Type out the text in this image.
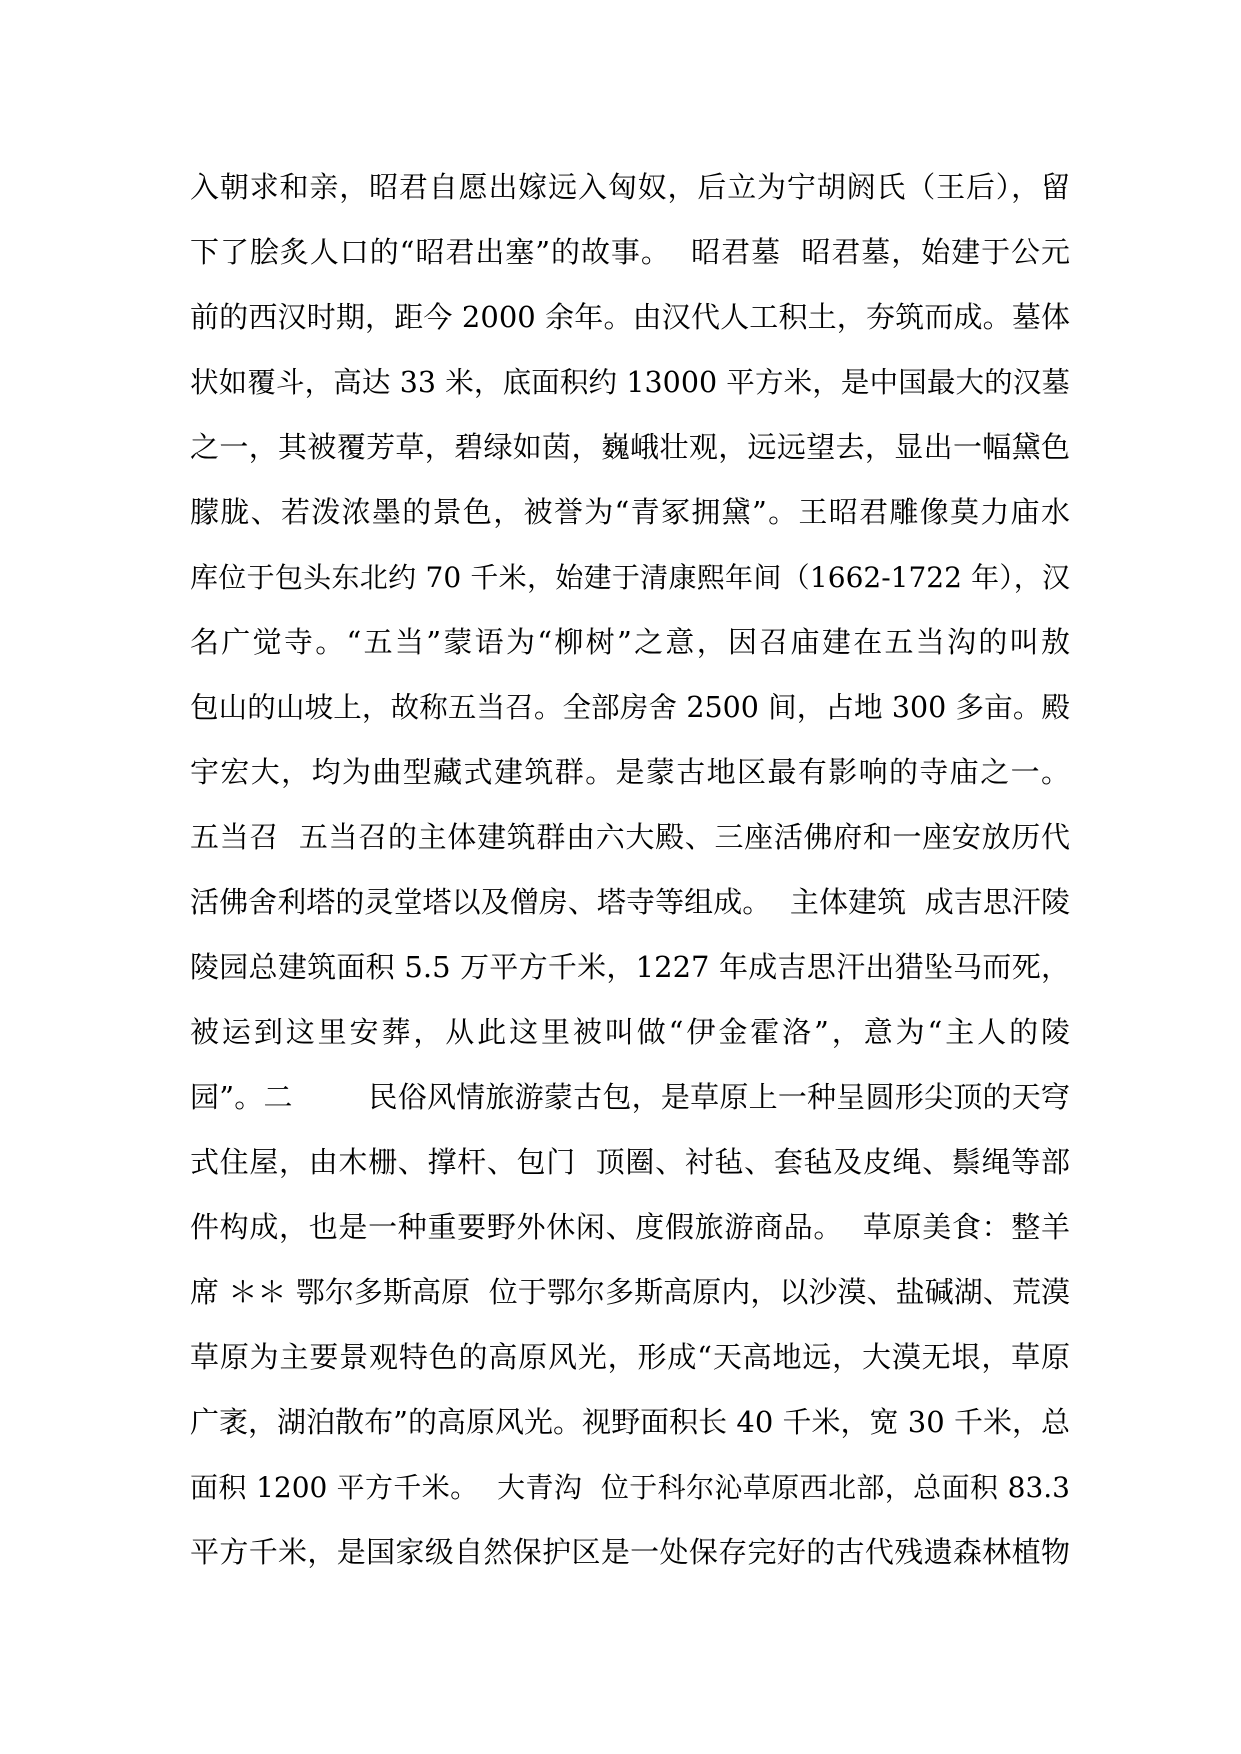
入朝求和亲，昭君自愿出嫁远入匈奴，后立为宁胡阏氏（王后），留
下了脍炙人口的“昭君出塞”的故事。  昭君墓  昭君墓，始建于公元
前的西汉时期，距今 2000 余年。由汉代人工积土，夯筑而成。墓体
状如覆斗，高达 33 米，底面积约 13000 平方米，是中国最大的汉墓
之一，其被覆芳草，碧绿如茵，巍峨壮观，远远望去，显出一幅黛色
朦胧、若泼浓墨的景色，被誉为“青冢拥黛”。王昭君雕像莫力庙水
库位于包头东北约 70 千米，始建于清康熙年间（1662-1722 年），汉
名广觉寺。“五当”蒙语为“柳树”之意，因召庙建在五当沟的叫敖
包山的山坡上，故称五当召。全部房舍 2500 间，占地 300 多亩。殿
宇宏大，均为曲型藏式建筑群。是蒙古地区最有影响的寺庙之一。
五当召  五当召的主体建筑群由六大殿、三座活佛府和一座安放历代
活佛舍利塔的灵堂塔以及僧房、塔寺等组成。  主体建筑  成吉思汗陵
陵园总建筑面积 5.5 万平方千米，1227 年成吉思汗出猎坠马而死，
被运到这里安葬，从此这里被叫做“伊金霍洛”，意为“主人的陵
园”。二        民俗风情旅游蒙古包，是草原上一种呈圆形尖顶的天穹
式住屋，由木栅、撑杆、包门  顶圈、衬毡、套毡及皮绳、鬃绳等部
件构成，也是一种重要野外休闲、度假旅游商品。  草原美食：整羊
席 ＊＊ 鄂尔多斯高原  位于鄂尔多斯高原内，以沙漠、盐碱湖、荒漠
草原为主要景观特色的高原风光，形成“天高地远，大漠无垠，草原
广袤，湖泊散布”的高原风光。视野面积长 40 千米，宽 30 千米，总
面积 1200 平方千米。  大青沟  位于科尔沁草原西北部，总面积 83.3
平方千米，是国家级自然保护区是一处保存完好的古代残遗森林植物
